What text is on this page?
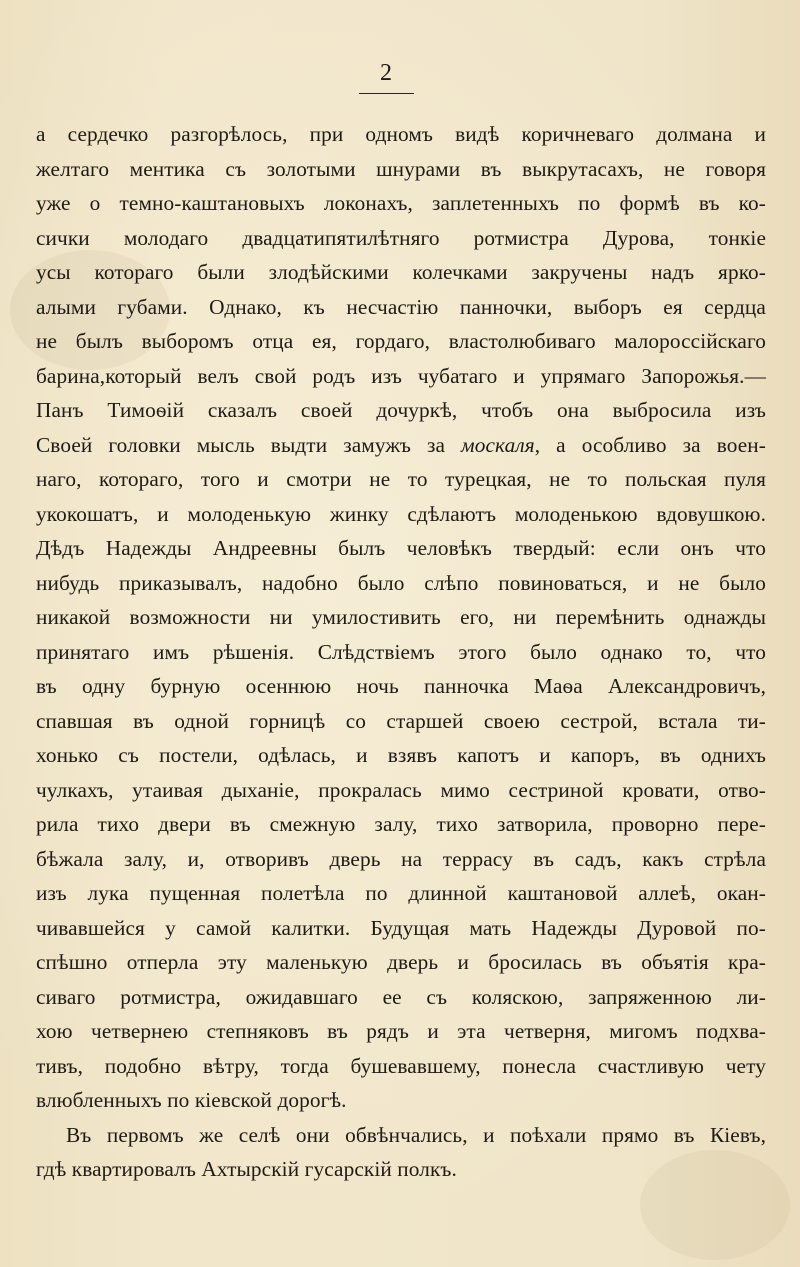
2
а сердечко разгорѣлось, при одномъ видѣ коричневаго долмана и
желтаго ментика съ золотыми шнурами въ выкрутасахъ, не говоря
уже о темно-каштановыхъ локонахъ, заплетенныхъ по формѣ въ ко-
сички молодаго двадцатипятилѣтняго ротмистра Дурова, тонкіе
усы котораго были злодѣйскими колечками закручены надъ ярко-
алыми губами. Однако, къ несчастію панночки, выборъ ея сердца
не былъ выборомъ отца ея, гордаго, властолюбиваго малороссійскаго
барина,который велъ свой родъ изъ чубатаго и упрямаго Запорожья.—
Панъ Тимоѳій сказалъ своей дочуркѣ, чтобъ она выбросила изъ
Своей головки мысль выдти замужъ за москаля, а особливо за воен-
наго, котораго, того и смотри не то турецкая, не то польская пуля
укокошатъ, и молоденькую жинку сдѣлаютъ молоденькою вдовушкою.
Дѣдъ Надежды Андреевны былъ человѣкъ твердый: если онъ что
нибудь приказывалъ, надобно было слѣпо повиноваться, и не было
никакой возможности ни умилостивить его, ни перемѣнить однажды
принятаго имъ рѣшенія. Слѣдствіемъ этого было однако то, что
въ одну бурную осеннюю ночь панночка Маѳа Александровичъ,
спавшая въ одной горницѣ со старшей своею сестрой, встала ти-
хонько съ постели, одѣлась, и взявъ капотъ и капоръ, въ однихъ
чулкахъ, утаивая дыханіе, прокралась мимо сестриной кровати, отво-
рила тихо двери въ смежную залу, тихо затворила, проворно пере-
бѣжала залу, и, отворивъ дверь на террасу въ садъ, какъ стрѣла
изъ лука пущенная полетѣла по длинной каштановой аллеѣ, окан-
чивавшейся у самой калитки. Будущая мать Надежды Дуровой по-
спѣшно отперла эту маленькую дверь и бросилась въ объятія кра-
сиваго ротмистра, ожидавшаго ее съ коляскою, запряженною ли-
хою четвернею степняковъ въ рядъ и эта четверня, мигомъ подхва-
тивъ, подобно вѣтру, тогда бушевавшему, понесла счастливую чету
влюбленныхъ по кіевской дорогѣ.
Въ первомъ же селѣ они обвѣнчались, и поѣхали прямо въ Кіевъ,
гдѣ квартировалъ Ахтырскій гусарскій полкъ.
